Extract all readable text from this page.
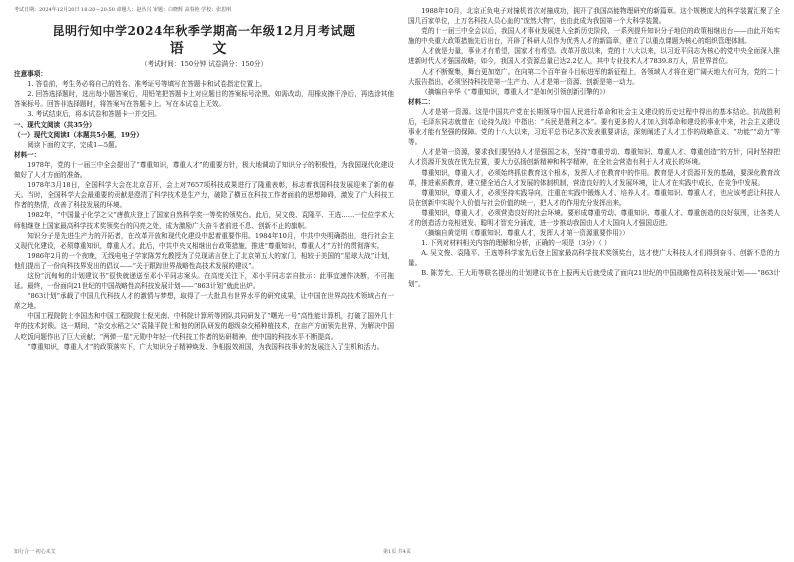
考试日期：2024年12月20日 18:20—20:50 命题人：赵丛兴 审题：白晓辉 高春艳 学校：张思明
昆明行知中学2024年秋季学期高一年级12月月考试题
语 文
（考试时间：150分钟 试卷满分：150分）
注意事项：

1. 答卷前，考生务必将自己的姓名、准考证号等填写在答题卡和试卷指定位置上。

2. 回答选择题时，选出每小题答案后，用铅笔把答题卡上对应题目的答案标号涂黑。如需改动，用橡皮擦干净后，再选涂其他答案标号。回答非选择题时，将答案写在答题卡上。写在本试卷上无效。

3. 考试结束后，将本试卷和答题卡一并交回。

一、现代文阅读（共35分）

（一）现代文阅读Ⅰ（本题共5小题，19分）

阅读下面的文字，完成1—5题。

材料一：

1978年，党的十一届三中全会提出了“尊重知识，尊重人才”的重要方针，极大地调动了知识分子的积极性，为我国现代化建设做好了人才方面的准备。

1978年3月18日，全国科学大会在北京召开，会上对7657项科技成果进行了隆重表彰，标志着我国科技发展迎来了新的春天。当时，全国科学大会最重要的贡献是澄清了科学技术是生产力，破除了横亘在科技工作者面前的思想障碍，激发了广大科技工作者的热情，改善了科技发展的环境。

1982年，“中国量子化学之父”唐敖庆登上了国家自然科学奖一等奖的领奖台。此后，吴文俊、袁隆平、王选……一位位学术大师相继登上国家最高科学技术奖领奖台的闪亮之处，成为激励广大奋斗者前进不息、创新不止的旗帜。

知识分子是先进生产力的开拓者，在改革开放和现代化建设中起着重要作用。1984年10月，中共中央明确指出，进行社会主义现代化建设，必须尊重知识，尊重人才。此后，中共中央又相继出台政策措施，推进“尊重知识，尊重人才”方针的贯彻落实。

1986年2月的一个夜晚，无线电电子学家陈芳允教授为了兑现诺言登上了北京第五大的家门，相较于美国的“星球大战”计划，他们提出了一份向科技界发出的倡议——“关于跟踪世界战略性高技术发展的建议”。

这份“沉甸甸的计划建议书”很快就递送至邓小平同志案头。在高度关注下，邓小平同志亲自批示：此事宜速作决断，不可拖延。最终，一份面向21世纪的中国战略性高科技发展计划——“863计划”就此出炉。

“863计划”承载了中国几代科技人才的激情与梦想，取得了一大批具有世界水平的研究成果，让中国在世界高技术领域占有一席之地。

中国工程院院士李国杰和中国工程院院士倪光南、中科院计算所等团队共同研发了“曙光一号”高性能计算机，打破了国外几十年的技术封锁。这一期间，“杂交水稻之父”袁隆平院士和他的团队研发的超级杂交稻种植技术，在亩产方面领先世界，为解决中国人吃饭问题作出了巨大贡献；“两弹一星”元勋中年轻一代科技工作者的钻研精神，使中国的科技水平不断提高。

“尊重知识，尊重人才”的政策落实下，广大知识分子精神焕发、争相报效祖国，为我国科技事业的发展注入了生机和活力。

1988年10月，北京正负电子对撞机首次对撞成功，拥开了我国高能物理研究的新篇章。这个规模庞大的科学装置汇聚了全国几百家单位，上万名科技人员心血的“庞然大物”，也由此成为我国第一个大科学装置。

党的十一届三中全会以后，我国人才事业发展进入全新历史阶段，一系列提升知识分子地位的政策相继出台——由此开始实施的中央重大政策措施先后出台，开辟了科研人员作为优秀人才的新篇章，建立了以重点课题为核心的组织管理体制。

人才就是力量，事业才有希望，国家才有希望。改革开放以来，党的十八大以来，以习近平同志为核心的党中央全面深入推进新时代人才强国战略，如今，我国人才资源总量已达2.2亿人，其中专业技术人才7839.8万人，居世界首位。

人才不断聚集，舞台更加宽广。在向第二个百年奋斗目标进军的新征程上，各领域人才将在更广阔天地大有可为，党的二十大报告指出，必须坚持科技是第一生产力、人才是第一资源、创新是第一动力。

（摘编自辛华《“尊重知识，尊重人才”是如何引领创新引擎的》）

材料二：

人才是第一资源。这是中国共产党在长期领导中国人民进行革命和社会主义建设的历史过程中得出的基本结论。抗战胜利后，毛泽东同志就曾在《论持久战》中指出：“兵民是胜利之本”。要有更多的人才加入到革命和建设的事业中来，社会主义建设事业才能有坚强的保障。党的十八大以来，习近平总书记多次发表重要讲话，深刻阐述了人才工作的战略意义、“功能”“动力”等等。

人才是第一资源，要求我们要坚持人才是强国之本，坚持“尊重劳动、尊重知识、尊重人才、尊重创造”的方针，同时坚持把人才资源开发放在优先位置，要大力弘扬创新精神和科学精神，在全社会营造有利于人才成长的环境。

尊重知识，尊重人才，必须始终抓住教育这个根本，发挥人才在教育中的作用。教育是人才资源开发的基础，要深化教育改革，推进素质教育，建立健全适合人才发展的体制机制，营造良好的人才发展环境，让人才在实践中成长，在竞争中发展。

尊重知识，尊重人才，必须坚持实践导向，注重在实践中锻炼人才、培养人才。尊重知识、尊重人才，也应该考虑让科技人员在创新中实现个人价值与社会价值的统一，把人才的作用充分发挥出来。

尊重知识，尊重人才，必须营造良好的社会环境。要形成尊重劳动、尊重知识、尊重人才、尊重创造的良好氛围，让各类人才的创造活力竞相迸发、聪明才智充分涌流，进一步推动我国由人才大国向人才强国迈进。

（摘编自黄觉明《尊重知识、尊重人才，发挥人才第一资源重要作用》）

1. 下列对材料相关内容的理解和分析，正确的一项是（3分）（ ）

A. 吴文俊、袁隆平、王选等科学家先后登上国家最高科学技术奖领奖台，这才使广大科技人才们得到奋斗、创新不息的力量。

B. 陈芳允、王大珩等联名提出的计划建议书在上报两天后就受成了面向21世纪的中国战略性高科技发展计划——“863计划”。

知行合一 初心未艾	第1页 共4页
